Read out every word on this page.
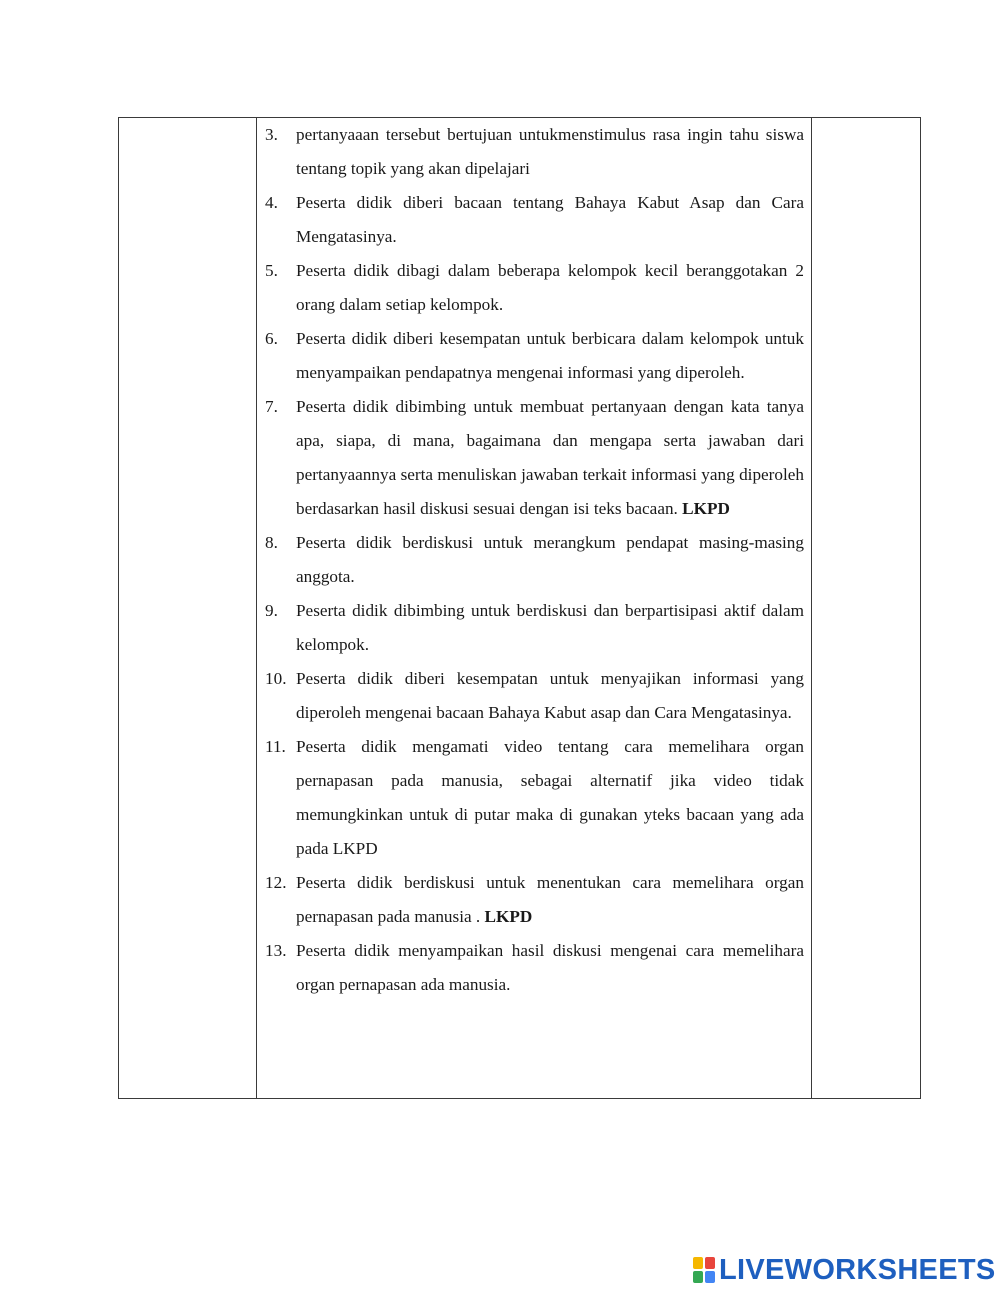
3.	pertanyaaan tersebut bertujuan untukmenstimulus rasa ingin tahu siswa tentang topik yang akan dipelajari
4.	Peserta didik diberi bacaan tentang Bahaya Kabut Asap dan Cara Mengatasinya.
5.	Peserta didik dibagi dalam beberapa kelompok kecil beranggotakan 2 orang dalam setiap kelompok.
6.	Peserta didik diberi kesempatan untuk berbicara dalam kelompok untuk menyampaikan pendapatnya mengenai informasi yang diperoleh.
7.	Peserta didik dibimbing untuk membuat pertanyaan dengan kata tanya apa, siapa, di mana, bagaimana dan mengapa serta jawaban dari pertanyaannya serta menuliskan jawaban terkait informasi yang diperoleh berdasarkan hasil diskusi sesuai dengan isi teks bacaan. LKPD
8.	Peserta didik berdiskusi untuk merangkum pendapat masing-masing anggota.
9.	Peserta didik dibimbing untuk berdiskusi dan berpartisipasi aktif dalam kelompok.
10. Peserta didik diberi kesempatan untuk menyajikan informasi yang diperoleh mengenai bacaan Bahaya Kabut asap dan Cara Mengatasinya.
11. Peserta didik mengamati video tentang cara memelihara organ pernapasan pada manusia, sebagai alternatif jika video tidak memungkinkan untuk di putar maka di gunakan yteks bacaan yang ada pada LKPD
12. Peserta didik berdiskusi untuk menentukan cara memelihara organ pernapasan pada manusia . LKPD
13. Peserta didik menyampaikan hasil diskusi mengenai cara memelihara organ pernapasan ada manusia.
LIVEWORKSHEETS
